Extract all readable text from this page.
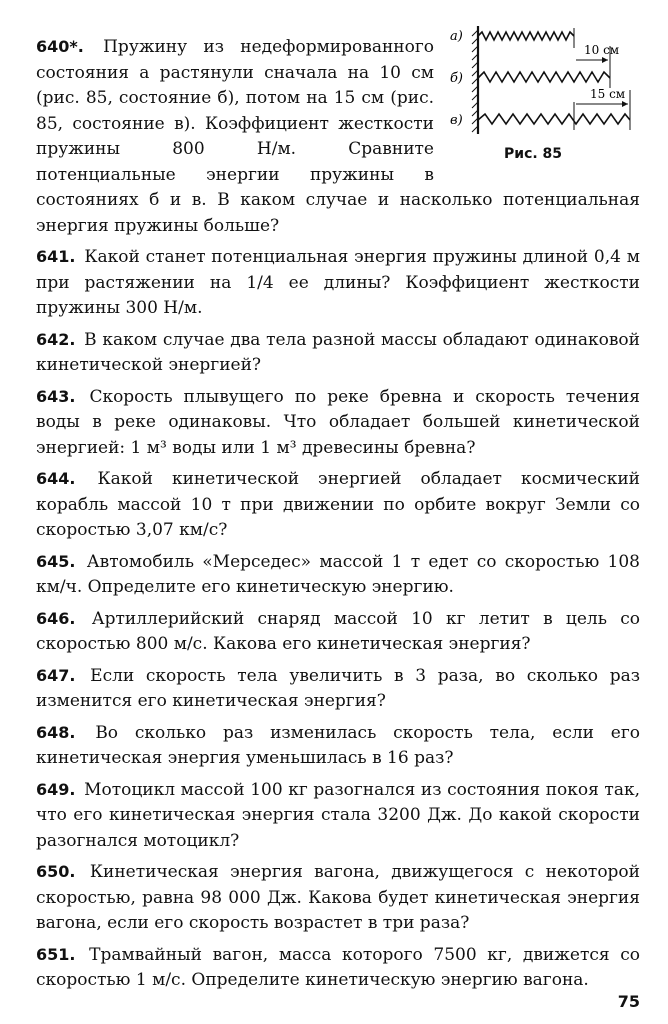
а)
б)
в)
10 см
15 см
Рис. 85

640*. Пружину из недеформированного состояния а растянули сначала на 10 см (рис. 85, состояние б), потом на 15 см (рис. 85, состояние в). Коэффициент жесткости пружины 800 Н/м. Сравните потенциальные энергии пружины в состояниях б и в. В каком случае и насколько потенциальная энергия пружины больше?

641. Какой станет потенциальная энергия пружины длиной 0,4 м при растяжении на 1/4 ее длины? Коэффициент жесткости пружины 300 Н/м.

642. В каком случае два тела разной массы обладают одинаковой кинетической энергией?

643. Скорость плывущего по реке бревна и скорость течения воды в реке одинаковы. Что обладает большей кинетической энергией: 1 м³ воды или 1 м³ древесины бревна?

644. Какой кинетической энергией обладает космический корабль массой 10 т при движении по орбите вокруг Земли со скоростью 3,07 км/с?

645. Автомобиль «Мерседес» массой 1 т едет со скоростью 108 км/ч. Определите его кинетическую энергию.

646. Артиллерийский снаряд массой 10 кг летит в цель со скоростью 800 м/с. Какова его кинетическая энергия?

647. Если скорость тела увеличить в 3 раза, во сколько раз изменится его кинетическая энергия?

648. Во сколько раз изменилась скорость тела, если его кинетическая энергия уменьшилась в 16 раз?

649. Мотоцикл массой 100 кг разогнался из состояния покоя так, что его кинетическая энергия стала 3200 Дж. До какой скорости разогнался мотоцикл?

650. Кинетическая энергия вагона, движущегося с некоторой скоростью, равна 98 000 Дж. Какова будет кинетическая энергия вагона, если его скорость возрастет в три раза?

651. Трамвайный вагон, масса которого 7500 кг, движется со скоростью 1 м/с. Определите кинетическую энергию вагона.

75
